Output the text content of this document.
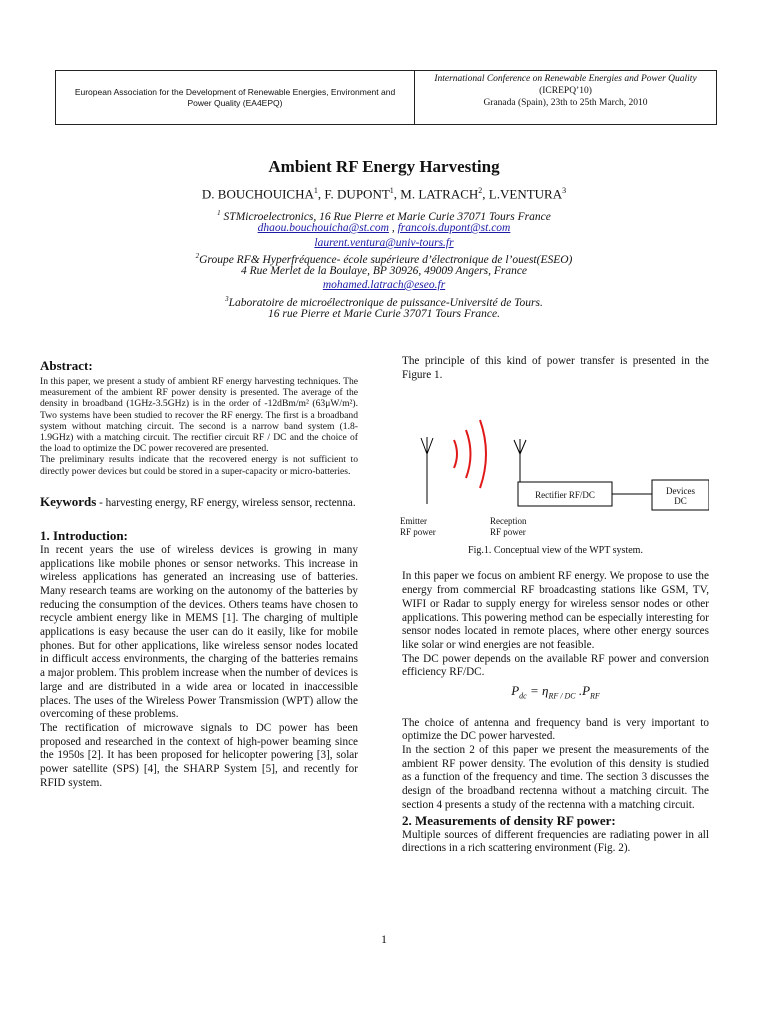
European Association for the Development of Renewable Energies, Environment and Power Quality (EA4EPQ)
International Conference on Renewable Energies and Power Quality
(ICREPQ’10)
Granada (Spain), 23th to 25th March, 2010
Ambient RF Energy Harvesting
D. BOUCHOUICHA$^1$, F. DUPONT$^1$, M. LATRACH$^2$, L.VENTURA$^3$
$^1$ STMicroelectronics, 16 Rue Pierre et Marie Curie 37071 Tours France
dhaou.bouchouicha@st.com , francois.dupont@st.com
laurent.ventura@univ-tours.fr
$^2$Groupe RF& Hyperfréquence- école supérieure d’électronique de l’ouest(ESEO)
4 Rue Merlet de la Boulaye, BP 30926, 49009 Angers, France
mohamed.latrach@eseo.fr
$^3$Laboratoire de microélectronique de puissance-Université de Tours.
16 rue Pierre et Marie Curie 37071 Tours France.
Abstract:

In this paper, we present a study of ambient RF energy harvesting techniques. The measurement of the ambient RF power density is presented. The average of the density in broadband (1GHz-3.5GHz) is in the order of -12dBm/m² (63μW/m²). Two systems have been studied to recover the RF energy. The first is a broadband system without matching circuit. The second is a narrow band system (1.8-1.9GHz) with a matching circuit. The rectifier circuit RF / DC and the choice of the load to optimize the DC power recovered are presented.

The preliminary results indicate that the recovered energy is not sufficient to directly power devices but could be stored in a super-capacity or micro-batteries.

Keywords - harvesting energy, RF energy, wireless sensor, rectenna.

1. Introduction:

In recent years the use of wireless devices is growing in many applications like mobile phones or sensor networks. This increase in wireless applications has generated an increasing use of batteries. Many research teams are working on the autonomy of the batteries by reducing the consumption of the devices. Others teams have chosen to recycle ambient energy like in MEMS [1]. The charging of multiple applications is easy because the user can do it easily, like for mobile phones. But for other applications, like wireless sensor nodes located in difficult access environments, the charging of the batteries remains a major problem. This problem increase when the number of devices is large and are distributed in a wide area or located in inaccessible places. The uses of the Wireless Power Transmission (WPT) allow the overcoming of these problems.

The rectification of microwave signals to DC power has been proposed and researched in the context of high-power beaming since the 1950s [2]. It has been proposed for helicopter powering [3], solar power satellite (SPS) [4], the SHARP System [5], and recently for RFID system.

The principle of this kind of power transfer is presented in the Figure 1.

Rectifier RF/DC	Devices
DC
Emitter
RF power
Reception
RF power
Fig.1. Conceptual view of the WPT system.

In this paper we focus on ambient RF energy. We propose to use the energy from commercial RF broadcasting stations like GSM, TV, WIFI or Radar to supply energy for wireless sensor nodes or other applications. This powering method can be especially interesting for sensor nodes located in remote places, where other energy sources like solar or wind energies are not feasible.

The DC power depends on the available RF power and conversion efficiency RF/DC.

$P_{dc} = \eta_{RF / DC}$ $.P_{RF}$

The choice of antenna and frequency band is very important to optimize the DC power harvested.

In the section 2 of this paper we present the measurements of the ambient RF power density. The evolution of this density is studied as a function of the frequency and time. The section 3 discusses the design of the broadband rectenna without a matching circuit. The section 4 presents a study of the rectenna with a matching circuit.

2. Measurements of density RF power:

Multiple sources of different frequencies are radiating power in all directions in a rich scattering environment (Fig. 2).

1
